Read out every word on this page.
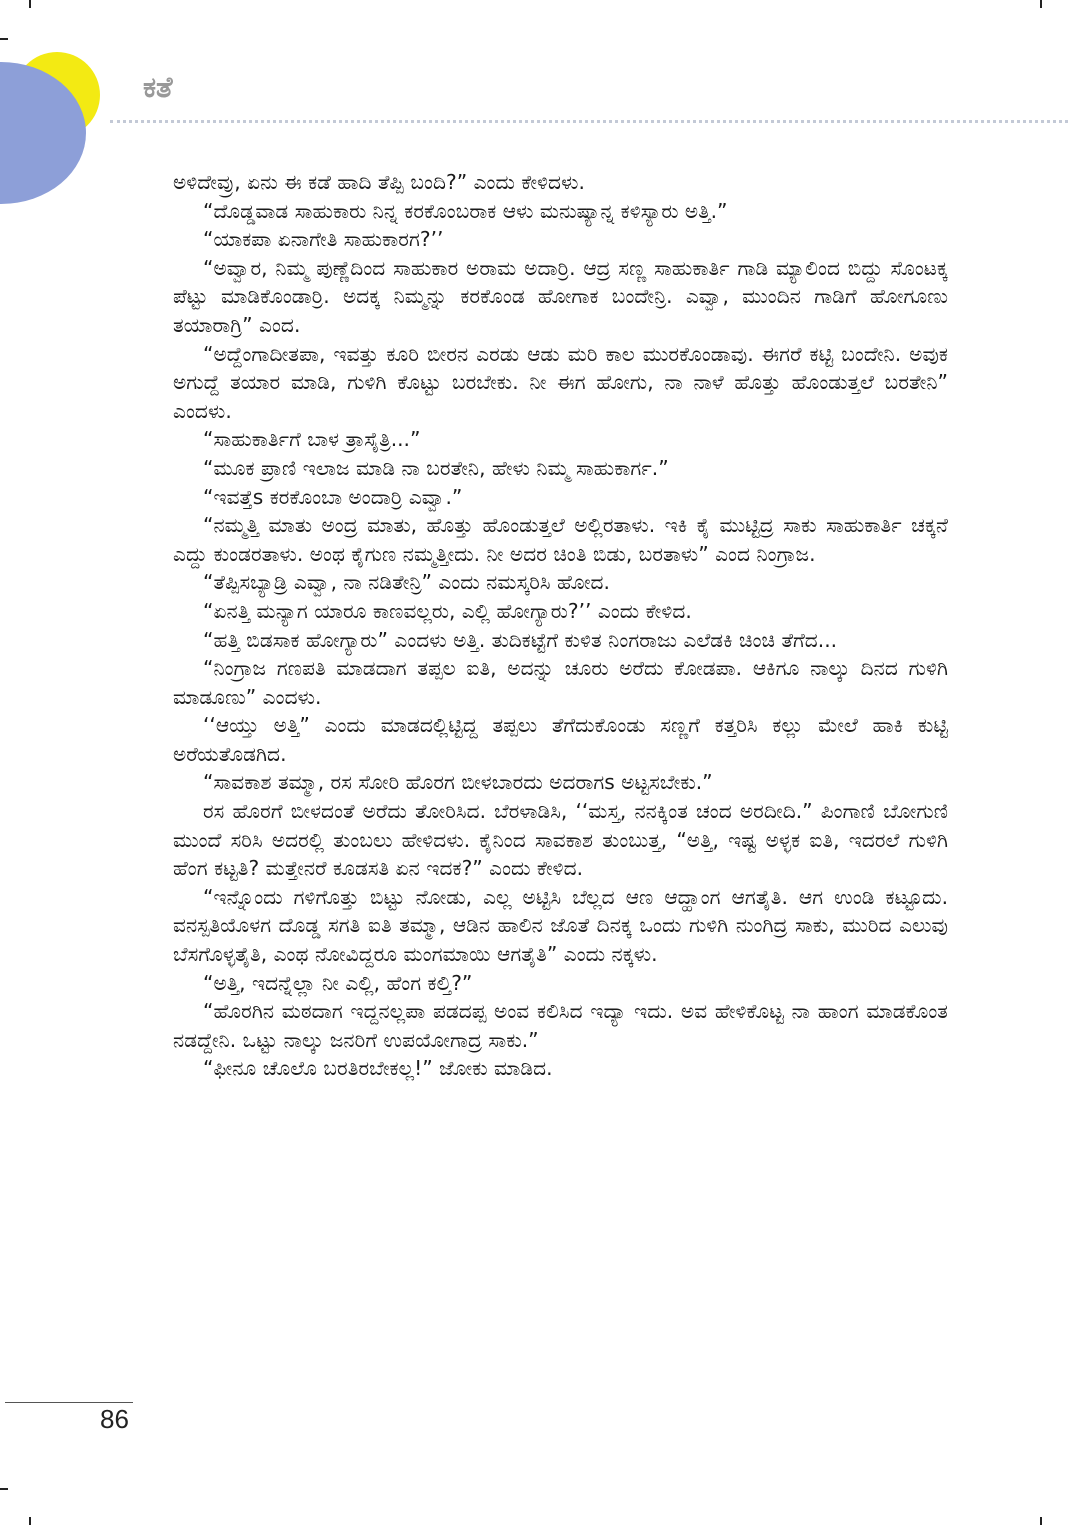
ಕತೆ

ಅಳಿದೇವ್ರು, ಏನು ಈ ಕಡೆ ಹಾದಿ ತೆಪ್ಪಿ ಬಂದಿ?” ಎಂದು ಕೇಳಿದಳು.

“ದೊಡ್ಡವಾಡ ಸಾಹುಕಾರು ನಿನ್ನ ಕರಕೊಂಬರಾಕ ಆಳು ಮನುಷ್ಯಾನ್ನ ಕಳಿಸ್ಯಾರು ಅತ್ತಿ.”

“ಯಾಕಪಾ ಏನಾಗೇತಿ ಸಾಹುಕಾರಗ?’’

“ಅವ್ವಾರ, ನಿಮ್ಮ ಪುಣ್ಣೆದಿಂದ ಸಾಹುಕಾರ ಅರಾಮ ಅದಾರ್ರಿ. ಆದ್ರ ಸಣ್ಣ ಸಾಹುಕಾರ್ತಿ ಗಾಡಿ ಮ್ಯಾಲಿಂದ ಬಿದ್ದು ಸೊಂಟಕ್ಕ ಪೆಟ್ಟು ಮಾಡಿಕೊಂಡಾರ್ರಿ. ಅದಕ್ಕ ನಿಮ್ಮನ್ನು ಕರಕೊಂಡ ಹೋಗಾಕ ಬಂದೇನ್ರಿ. ಎವ್ವಾ, ಮುಂದಿನ ಗಾಡಿಗೆ ಹೋಗೂಣು ತಯಾರಾಗ್ರಿ” ಎಂದ.

“ಅದ್ದೆಂಗಾದೀತಪಾ, ಇವತ್ತು ಕೂರಿ ಬೀರನ ಎರಡು ಆಡು ಮರಿ ಕಾಲ ಮುರಕೊಂಡಾವು. ಈಗರೆ ಕಟ್ಟಿ ಬಂದೇನಿ. ಅವುಕ ಅಗುದ್ದೆ ತಯಾರ ಮಾಡಿ, ಗುಳಿಗಿ ಕೊಟ್ಟು ಬರಬೇಕು. ನೀ ಈಗ ಹೋಗು, ನಾ ನಾಳೆ ಹೊತ್ತು ಹೊಂಡುತ್ತಲೆ ಬರತೇನಿ” ಎಂದಳು.

“ಸಾಹುಕಾರ್ತಿಗೆ ಬಾಳ ತ್ರಾಸೈತ್ರಿ...”

“ಮೂಕ ಪ್ರಾಣಿ ಇಲಾಜ ಮಾಡಿ ನಾ ಬರತೇನಿ, ಹೇಳು ನಿಮ್ಮ ಸಾಹುಕಾರ್ಗ.”

“ಇವತ್ತೆs ಕರಕೊಂಬಾ ಅಂದಾರ್ರಿ ಎವ್ವಾ.”

“ನಮ್ಮತ್ತಿ ಮಾತು ಅಂದ್ರ ಮಾತು, ಹೊತ್ತು ಹೊಂಡುತ್ತಲೆ ಅಲ್ಲಿರತಾಳು. ಇಕಿ ಕೈ ಮುಟ್ಟಿದ್ರ ಸಾಕು ಸಾಹುಕಾರ್ತಿ ಚಕ್ಕನೆ ಎದ್ದು ಕುಂಡರತಾಳು. ಅಂಥ ಕೈಗುಣ ನಮ್ಮತ್ತೀದು. ನೀ ಅದರ ಚಿಂತಿ ಬಿಡು, ಬರತಾಳು” ಎಂದ ನಿಂಗ್ರಾಜ.

“ತೆಪ್ಪಿಸಬ್ಯಾಡ್ರಿ ಎವ್ವಾ, ನಾ ನಡಿತೇನ್ರಿ” ಎಂದು ನಮಸ್ಕರಿಸಿ ಹೋದ.

“ಏನತ್ತಿ ಮನ್ಯಾಗ ಯಾರೂ ಕಾಣವಲ್ಲರು, ಎಲ್ಲಿ ಹೋಗ್ಯಾರು?’’ ಎಂದು ಕೇಳಿದ.

“ಹತ್ತಿ ಬಿಡಸಾಕ ಹೋಗ್ಯಾರು” ಎಂದಳು ಅತ್ತಿ. ತುದಿಕಟ್ಟೆಗೆ ಕುಳಿತ ನಿಂಗರಾಜು ಎಲೆಡಕಿ ಚಿಂಚಿ ತೆಗೆದ...

“ನಿಂಗ್ರಾಜ ಗಣಪತಿ ಮಾಡದಾಗ ತಪ್ಪಲ ಐತಿ, ಅದನ್ನು ಚೂರು ಅರೆದು ಕೋಡಪಾ. ಆಕಿಗೂ ನಾಲ್ಕು ದಿನದ ಗುಳಿಗಿ ಮಾಡೂಣು” ಎಂದಳು.

‘‘ಆಯ್ತು ಅತ್ತಿ” ಎಂದು ಮಾಡದಲ್ಲಿಟ್ಟಿದ್ದ ತಪ್ಪಲು ತೆಗೆದುಕೊಂಡು ಸಣ್ಣಗೆ ಕತ್ತರಿಸಿ ಕಲ್ಲು ಮೇಲೆ ಹಾಕಿ ಕುಟ್ಟಿ ಅರೆಯತೊಡಗಿದ.

“ಸಾವಕಾಶ ತಮ್ಮಾ, ರಸ ಸೋರಿ ಹೊರಗ ಬೀಳಬಾರದು ಅದರಾಗs ಅಟ್ಟಸಬೇಕು.”

ರಸ ಹೊರಗೆ ಬೀಳದಂತೆ ಅರೆದು ತೋರಿಸಿದ. ಬೆರಳಾಡಿಸಿ, ‘‘ಮಸ್ತ, ನನಕ್ಕಿಂತ ಚಂದ ಅರದೀದಿ.” ಪಿಂಗಾಣಿ ಬೋಗುಣಿ ಮುಂದೆ ಸರಿಸಿ ಅದರಲ್ಲಿ ತುಂಬಲು ಹೇಳಿದಳು. ಕೈನಿಂದ ಸಾವಕಾಶ ತುಂಬುತ್ತ, “ಅತ್ತಿ, ಇಷ್ಟ ಅಳ್ಳಕ ಐತಿ, ಇದರಲೆ ಗುಳಿಗಿ ಹೆಂಗ ಕಟ್ಟತಿ? ಮತ್ತೇನರೆ ಕೂಡಸತಿ ಏನ ಇದಕ?” ಎಂದು ಕೇಳಿದ.

“ಇನ್ನೊಂದು ಗಳಿಗೊತ್ತು ಬಿಟ್ಟು ನೋಡು, ಎಲ್ಲ ಅಟ್ಟಿಸಿ ಬೆಲ್ಲದ ಆಣ ಆದ್ಹಾಂಗ ಆಗತೈತಿ. ಆಗ ಉಂಡಿ ಕಟ್ಟೂದು. ವನಸ್ಪತಿಯೊಳಗ ದೊಡ್ಡ ಸಗತಿ ಐತಿ ತಮ್ಮಾ, ಆಡಿನ ಹಾಲಿನ ಜೊತೆ ದಿನಕ್ಕ ಒಂದು ಗುಳಿಗಿ ನುಂಗಿದ್ರ ಸಾಕು, ಮುರಿದ ಎಲುವು ಬೆಸಗೊಳ್ಳತೈತಿ, ಎಂಥ ನೋವಿದ್ದರೂ ಮಂಗಮಾಯಿ ಆಗತೈತಿ” ಎಂದು ನಕ್ಕಳು.

“ಅತ್ತಿ, ಇದನ್ನೆಲ್ಲಾ ನೀ ಎಲ್ಲಿ, ಹೆಂಗ ಕಲ್ತಿ?”

“ಹೊರಗಿನ ಮಠದಾಗ ಇದ್ದನಲ್ಲಪಾ ಪಡದಪ್ಪ ಅಂವ ಕಲಿಸಿದ ಇದ್ಯಾ ಇದು. ಅವ ಹೇಳಿಕೊಟ್ಟ ನಾ ಹಾಂಗ ಮಾಡಕೊಂತ ನಡದ್ದೇನಿ. ಒಟ್ಟು ನಾಲ್ಕು ಜನರಿಗೆ ಉಪಯೋಗಾದ್ರ ಸಾಕು.”

“ಫೀನೂ ಚೊಲೊ ಬರತಿರಬೇಕಲ್ಲ!” ಜೋಕು ಮಾಡಿದ.

86
